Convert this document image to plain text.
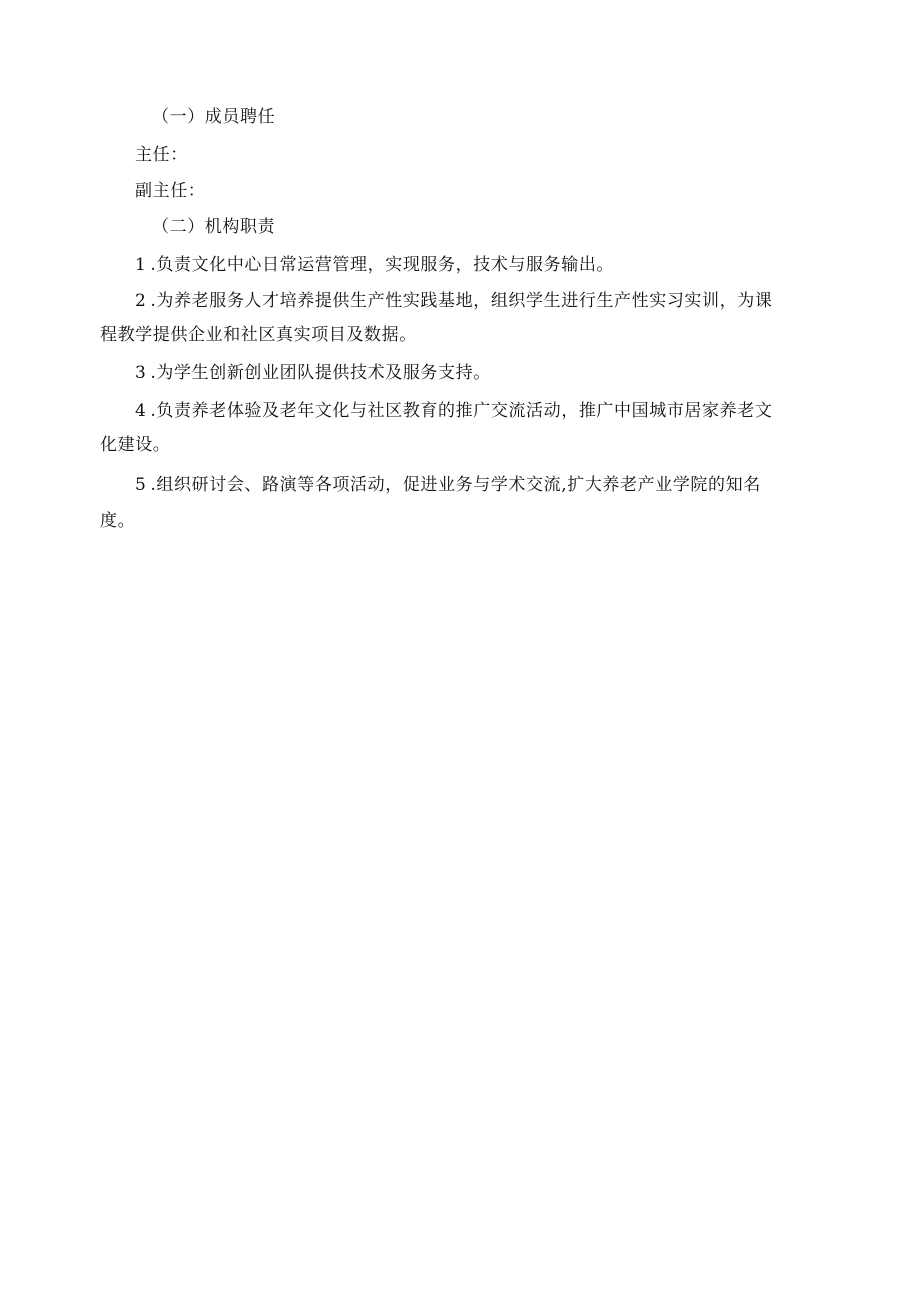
（一）成员聘任
主任：
副主任：
（二）机构职责
1 .负责文化中心日常运营管理，实现服务，技术与服务输出。
2 .为养老服务人才培养提供生产性实践基地，组织学生进行生产性实习实训，为课
程教学提供企业和社区真实项目及数据。
3 .为学生创新创业团队提供技术及服务支持。
4 .负责养老体验及老年文化与社区教育的推广交流活动，推广中国城市居家养老文
化建设。
5 .组织研讨会、路演等各项活动，促进业务与学术交流,扩大养老产业学院的知名
度。
